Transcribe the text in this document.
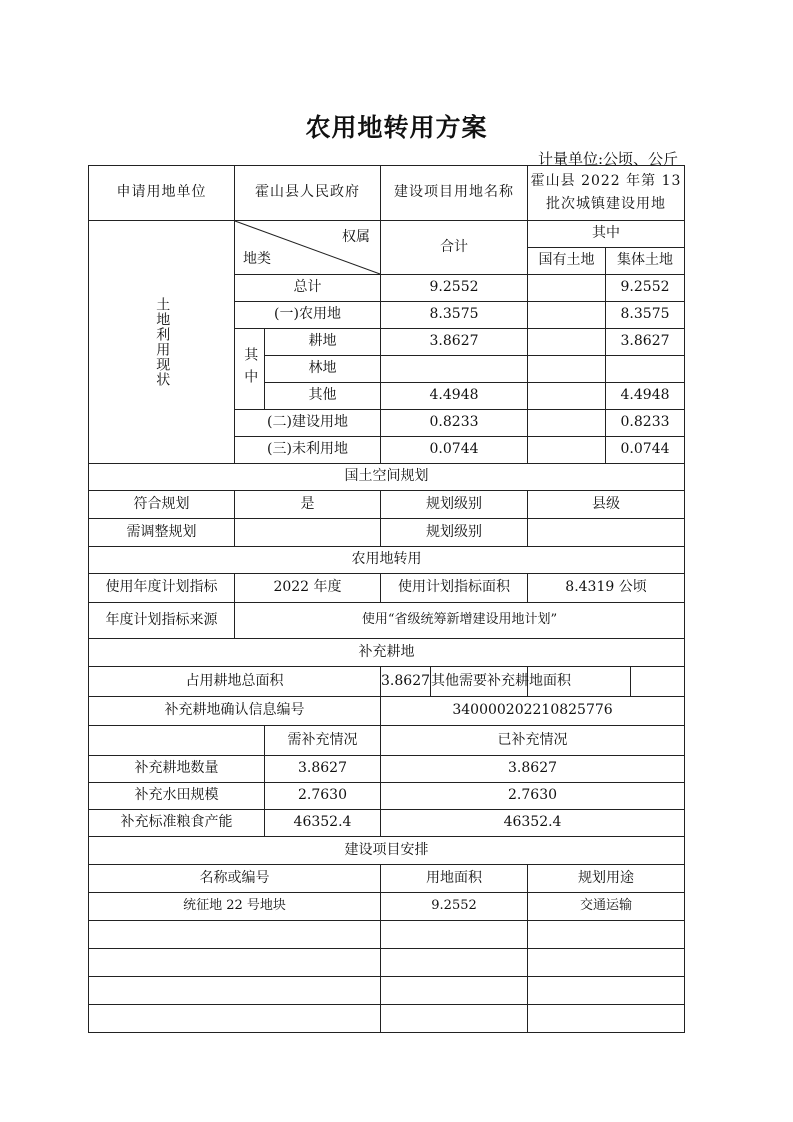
农用地转用方案
计量单位:公顷、公斤
申请用地单位	霍山县人民政府		建设项目用地名称	霍山县 2022 年第 13
批次城镇建设用地		

土地利用现状	权属
地类		合计	其中		
				国有土地	集体土地	
	总计		9.2552		9.2552	
	(一)农用地		8.3575		8.3575	

	其中	耕地	3.8627		3.8627	
		林地				
		其他	4.4948		4.4948	
	(二)建设用地		0.8233		0.8233	
	(三)未利用地		0.0744		0.0744	
国土空间规划						
符合规划	是		规划级别	县级		
需调整规划			规划级别			
农用地转用						
使用年度计划指标	2022 年度		使用计划指标面积	8.4319 公顷		
年度计划指标来源	使用“省级统筹新增建设用地计划”					
补充耕地						
占用耕地总面积			3.8627 其他需要补充耕地面积			

补充耕地确认信息编号			340000202210825776			
		需补充情况	已补充情况			
补充耕地数量		3.8627	3.8627			
补充水田规模		2.7630	2.7630			
补充标准粮食产能		46352.4	46352.4			
建设项目安排						
名称或编号			用地面积	规划用途		
统征地 22 号地块			9.2552	交通运输		
